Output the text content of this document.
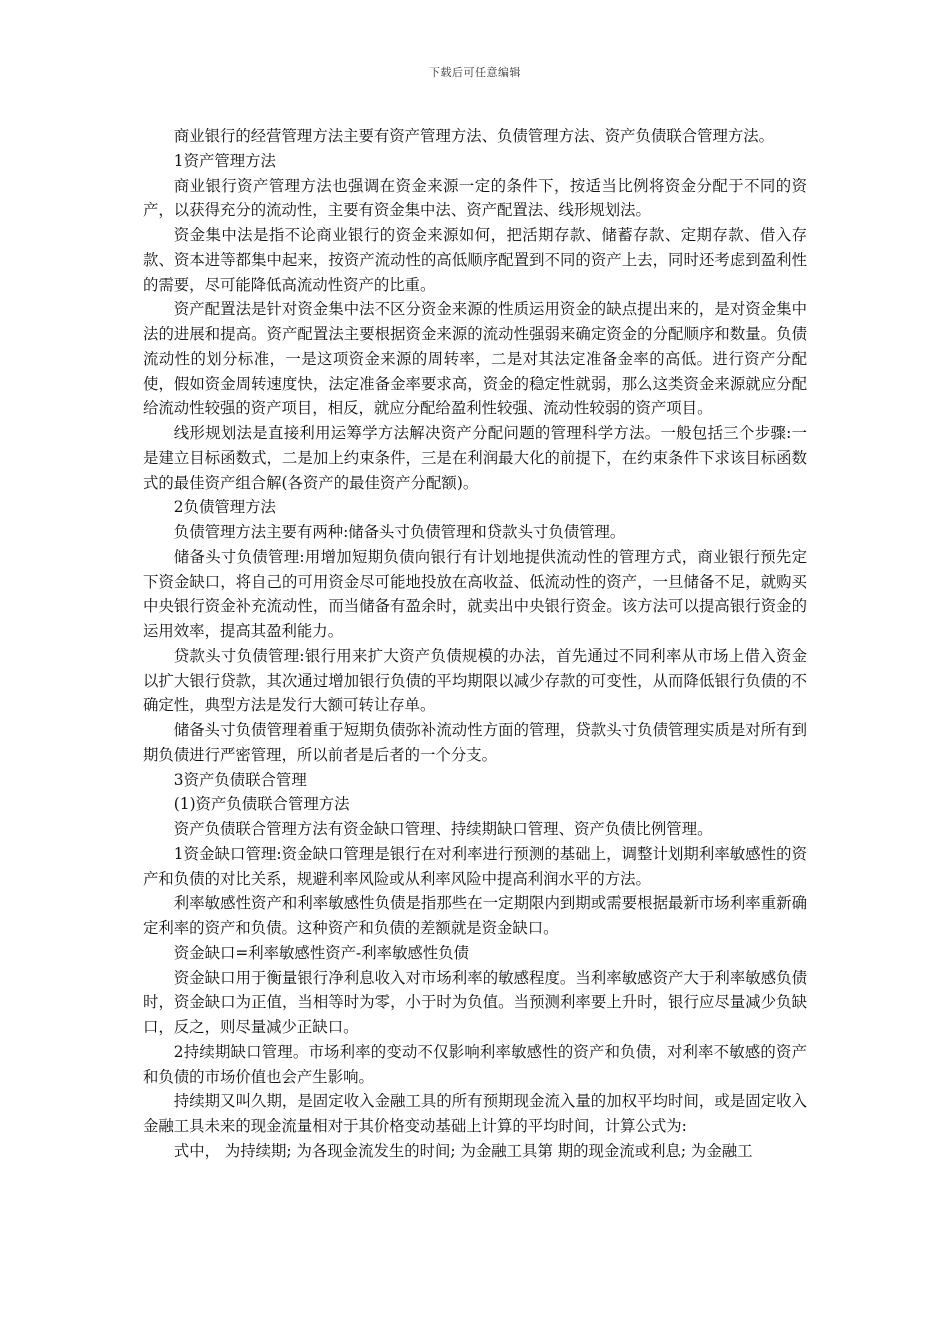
下载后可任意编辑

商业银行的经营管理方法主要有资产管理方法、负债管理方法、资产负债联合管理方法。

1资产管理方法

商业银行资产管理方法也强调在资金来源一定的条件下，按适当比例将资金分配于不同的资产，以获得充分的流动性，主要有资金集中法、资产配置法、线形规划法。

资金集中法是指不论商业银行的资金来源如何，把活期存款、储蓄存款、定期存款、借入存款、资本进等都集中起来，按资产流动性的高低顺序配置到不同的资产上去，同时还考虑到盈利性的需要，尽可能降低高流动性资产的比重。

资产配置法是针对资金集中法不区分资金来源的性质运用资金的缺点提出来的，是对资金集中法的进展和提高。资产配置法主要根据资金来源的流动性强弱来确定资金的分配顺序和数量。负债流动性的划分标准，一是这项资金来源的周转率，二是对其法定准备金率的高低。进行资产分配使，假如资金周转速度快，法定准备金率要求高，资金的稳定性就弱，那么这类资金来源就应分配给流动性较强的资产项目，相反，就应分配给盈利性较强、流动性较弱的资产项目。

线形规划法是直接利用运筹学方法解决资产分配问题的管理科学方法。一般包括三个步骤:一是建立目标函数式，二是加上约束条件，三是在利润最大化的前提下，在约束条件下求该目标函数式的最佳资产组合解(各资产的最佳资产分配额)。

2负债管理方法

负债管理方法主要有两种:储备头寸负债管理和贷款头寸负债管理。

储备头寸负债管理:用增加短期负债向银行有计划地提供流动性的管理方式，商业银行预先定下资金缺口，将自己的可用资金尽可能地投放在高收益、低流动性的资产，一旦储备不足，就购买中央银行资金补充流动性，而当储备有盈余时，就卖出中央银行资金。该方法可以提高银行资金的运用效率，提高其盈利能力。

贷款头寸负债管理:银行用来扩大资产负债规模的办法，首先通过不同利率从市场上借入资金以扩大银行贷款，其次通过增加银行负债的平均期限以减少存款的可变性，从而降低银行负债的不确定性，典型方法是发行大额可转让存单。

储备头寸负债管理着重于短期负债弥补流动性方面的管理，贷款头寸负债管理实质是对所有到期负债进行严密管理，所以前者是后者的一个分支。

3资产负债联合管理

(1)资产负债联合管理方法

资产负债联合管理方法有资金缺口管理、持续期缺口管理、资产负债比例管理。

1资金缺口管理:资金缺口管理是银行在对利率进行预测的基础上，调整计划期利率敏感性的资产和负债的对比关系，规避利率风险或从利率风险中提高利润水平的方法。

利率敏感性资产和利率敏感性负债是指那些在一定期限内到期或需要根据最新市场利率重新确定利率的资产和负债。这种资产和负债的差额就是资金缺口。

资金缺口=利率敏感性资产-利率敏感性负债

资金缺口用于衡量银行净利息收入对市场利率的敏感程度。当利率敏感资产大于利率敏感负债时，资金缺口为正值，当相等时为零，小于时为负值。当预测利率要上升时，银行应尽量减少负缺口，反之，则尽量减少正缺口。

2持续期缺口管理。市场利率的变动不仅影响利率敏感性的资产和负债，对利率不敏感的资产和负债的市场价值也会产生影响。

持续期又叫久期，是固定收入金融工具的所有预期现金流入量的加权平均时间，或是固定收入金融工具未来的现金流量相对于其价格变动基础上计算的平均时间，计算公式为:

式中， 为持续期; 为各现金流发生的时间; 为金融工具第 期的现金流或利息; 为金融工
